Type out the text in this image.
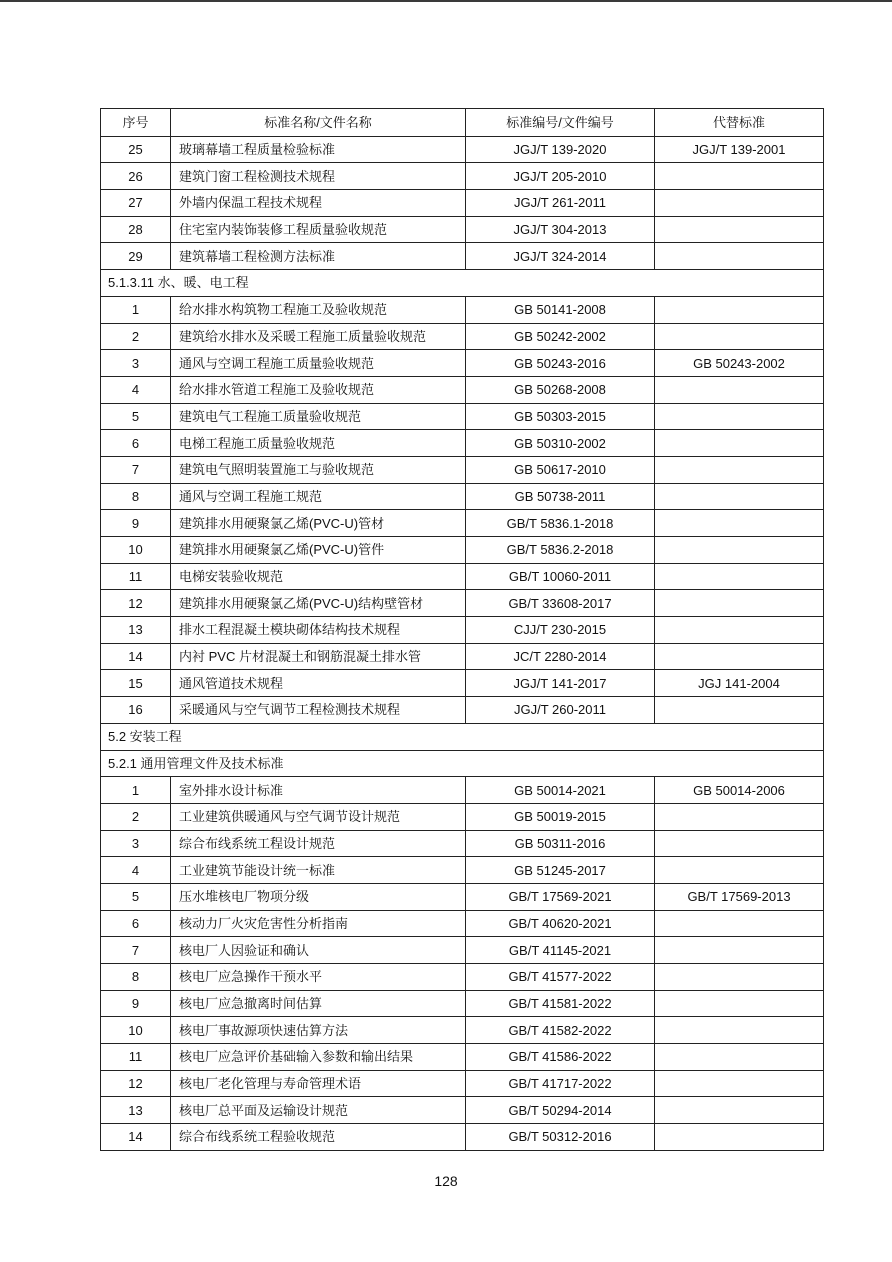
序号	标准名称/文件名称	标准编号/文件编号	代替标准
25	玻璃幕墙工程质量检验标准	JGJ/T 139-2020	JGJ/T 139-2001
26	建筑门窗工程检测技术规程	JGJ/T 205-2010	
27	外墙内保温工程技术规程	JGJ/T 261-2011	
28	住宅室内装饰装修工程质量验收规范	JGJ/T 304-2013	
29	建筑幕墙工程检测方法标准	JGJ/T 324-2014	
5.1.3.11 水、暖、电工程			
1	给水排水构筑物工程施工及验收规范	GB 50141-2008	
2	建筑给水排水及采暖工程施工质量验收规范	GB 50242-2002	
3	通风与空调工程施工质量验收规范	GB 50243-2016	GB 50243-2002
4	给水排水管道工程施工及验收规范	GB 50268-2008	
5	建筑电气工程施工质量验收规范	GB 50303-2015	
6	电梯工程施工质量验收规范	GB 50310-2002	
7	建筑电气照明装置施工与验收规范	GB 50617-2010	
8	通风与空调工程施工规范	GB 50738-2011	
9	建筑排水用硬聚氯乙烯(PVC-U)管材	GB/T 5836.1-2018	
10	建筑排水用硬聚氯乙烯(PVC-U)管件	GB/T 5836.2-2018	
11	电梯安装验收规范	GB/T 10060-2011	
12	建筑排水用硬聚氯乙烯(PVC-U)结构壁管材	GB/T 33608-2017	
13	排水工程混凝土模块砌体结构技术规程	CJJ/T 230-2015	
14	内衬 PVC 片材混凝土和钢筋混凝土排水管	JC/T 2280-2014	
15	通风管道技术规程	JGJ/T 141-2017	JGJ 141-2004
16	采暖通风与空气调节工程检测技术规程	JGJ/T 260-2011	
5.2 安装工程			
5.2.1 通用管理文件及技术标准			
1	室外排水设计标准	GB 50014-2021	GB 50014-2006
2	工业建筑供暖通风与空气调节设计规范	GB 50019-2015	
3	综合布线系统工程设计规范	GB 50311-2016	
4	工业建筑节能设计统一标准	GB 51245-2017	
5	压水堆核电厂物项分级	GB/T 17569-2021	GB/T 17569-2013
6	核动力厂火灾危害性分析指南	GB/T 40620-2021	
7	核电厂人因验证和确认	GB/T 41145-2021	
8	核电厂应急操作干预水平	GB/T 41577-2022	
9	核电厂应急撤离时间估算	GB/T 41581-2022	
10	核电厂事故源项快速估算方法	GB/T 41582-2022	
11	核电厂应急评价基础输入参数和输出结果	GB/T 41586-2022	
12	核电厂老化管理与寿命管理术语	GB/T 41717-2022	
13	核电厂总平面及运输设计规范	GB/T 50294-2014	
14	综合布线系统工程验收规范	GB/T 50312-2016	
128
